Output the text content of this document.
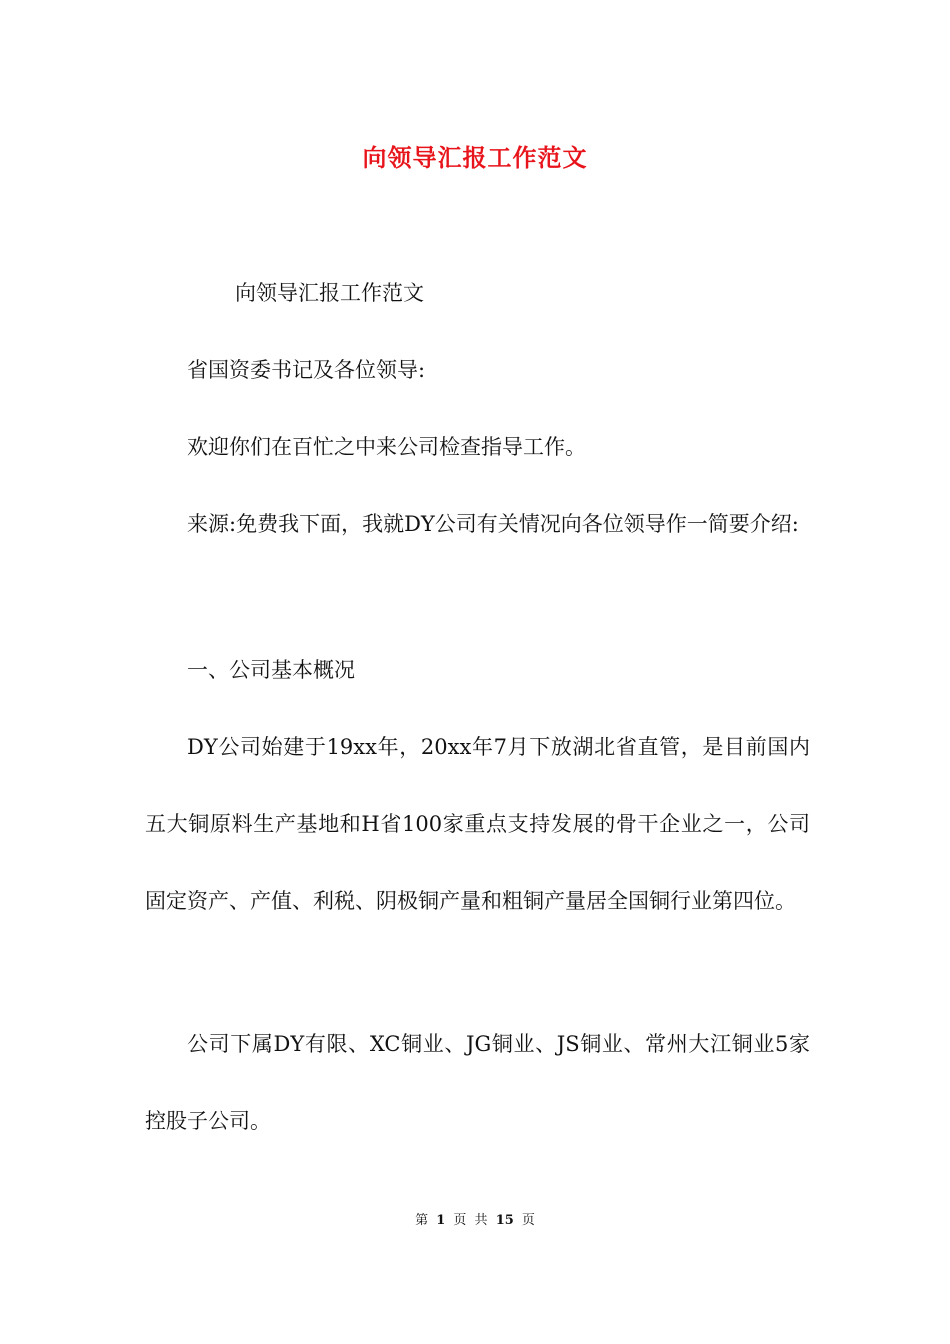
向领导汇报工作范文

向领导汇报工作范文

省国资委书记及各位领导:

欢迎你们在百忙之中来公司检查指导工作。

来源:免费我下面，我就DY公司有关情况向各位领导作一简要介绍:

一、公司基本概况

DY公司始建于19xx年，20xx年7月下放湖北省直管，是目前国内五大铜原料生产基地和H省100家重点支持发展的骨干企业之一，公司固定资产、产值、利税、阴极铜产量和粗铜产量居全国铜行业第四位。

公司下属DY有限、XC铜业、JG铜业、JS铜业、常州大江铜业5家控股子公司。

第 1 页 共 15 页
